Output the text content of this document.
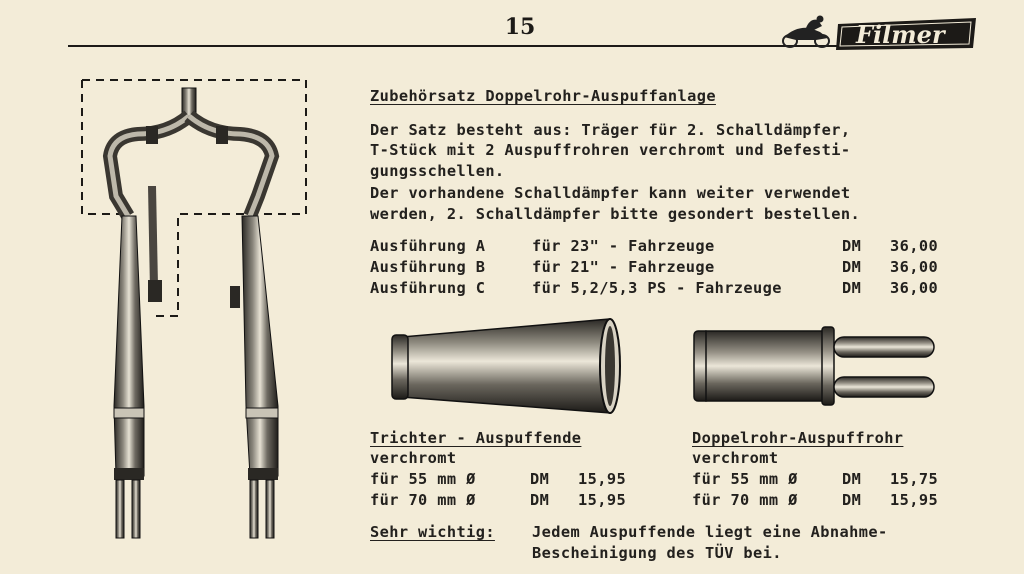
15	Filmer
Zubehörsatz Doppelrohr-Auspuffanlage
Der Satz besteht aus: Träger für 2. Schalldämpfer,
T-Stück mit 2 Auspuffrohren verchromt und Befesti-
gungsschellen.
Der vorhandene Schalldämpfer kann weiter verwendet
werden, 2. Schalldämpfer bitte gesondert bestellen.
Ausführung A	für 23" - Fahrzeuge	DM 36,00
Ausführung B	für 21" - Fahrzeuge	DM 36,00
Ausführung C	für 5,2/5,3 PS - Fahrzeuge	DM 36,00
Trichter - Auspuffende
verchromt
für 55 mm Ø	DM 15,95
für 70 mm Ø	DM 15,95
Doppelrohr-Auspuffrohr
verchromt
für 55 mm Ø	DM 15,75
für 70 mm Ø	DM 15,95
Sehr wichtig: Jedem Auspuffende liegt eine Abnahme-
Bescheinigung des TÜV bei.
